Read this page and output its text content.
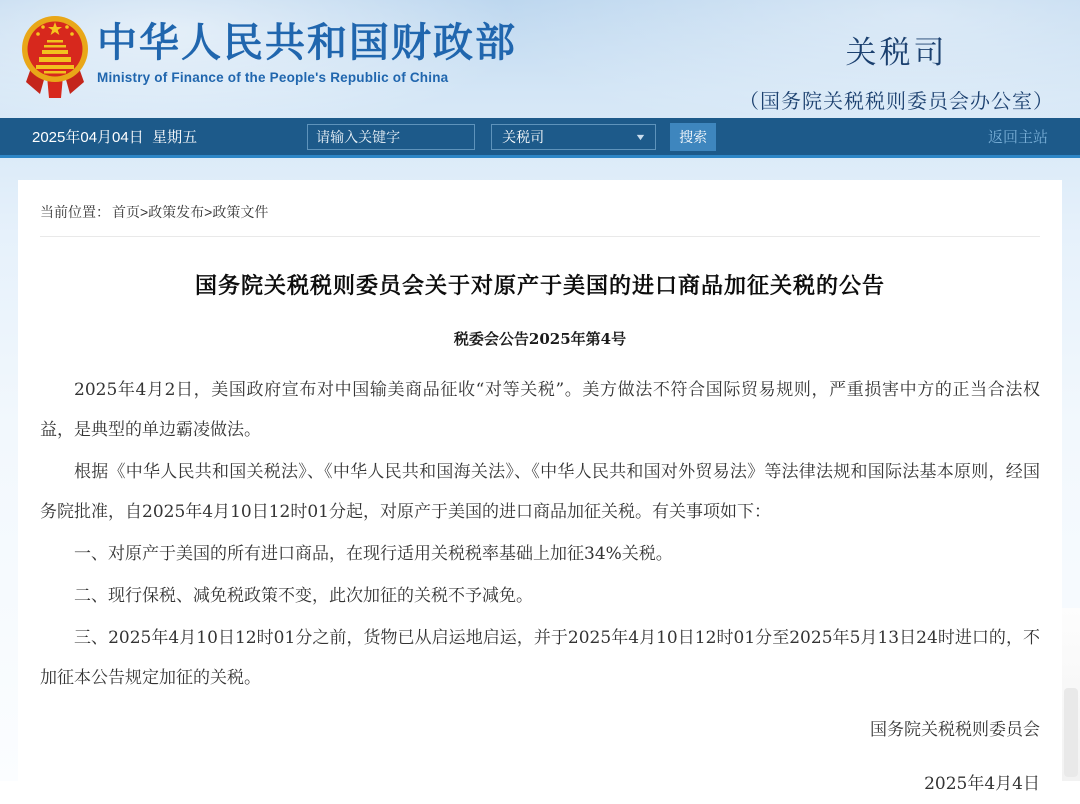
中华人民共和国财政部
Ministry of Finance of the People's Republic of China
关税司
（国务院关税税则委员会办公室）
2025年04月04日  星期五
请输入关键字	关税司	▼	搜索	返回主站
当前位置： 首页>政策发布>政策文件
国务院关税税则委员会关于对原产于美国的进口商品加征关税的公告
税委会公告2025年第4号

2025年4月2日，美国政府宣布对中国输美商品征收“对等关税”。美方做法不符合国际贸易规则，严重损害中方的正当合法权益，是典型的单边霸凌做法。

根据《中华人民共和国关税法》、《中华人民共和国海关法》、《中华人民共和国对外贸易法》等法律法规和国际法基本原则，经国务院批准，自2025年4月10日12时01分起，对原产于美国的进口商品加征关税。有关事项如下：

一、对原产于美国的所有进口商品，在现行适用关税税率基础上加征34%关税。

二、现行保税、减免税政策不变，此次加征的关税不予减免。

三、2025年4月10日12时01分之前，货物已从启运地启运，并于2025年4月10日12时01分至2025年5月13日24时进口的，不加征本公告规定加征的关税。

国务院关税税则委员会
2025年4月4日
